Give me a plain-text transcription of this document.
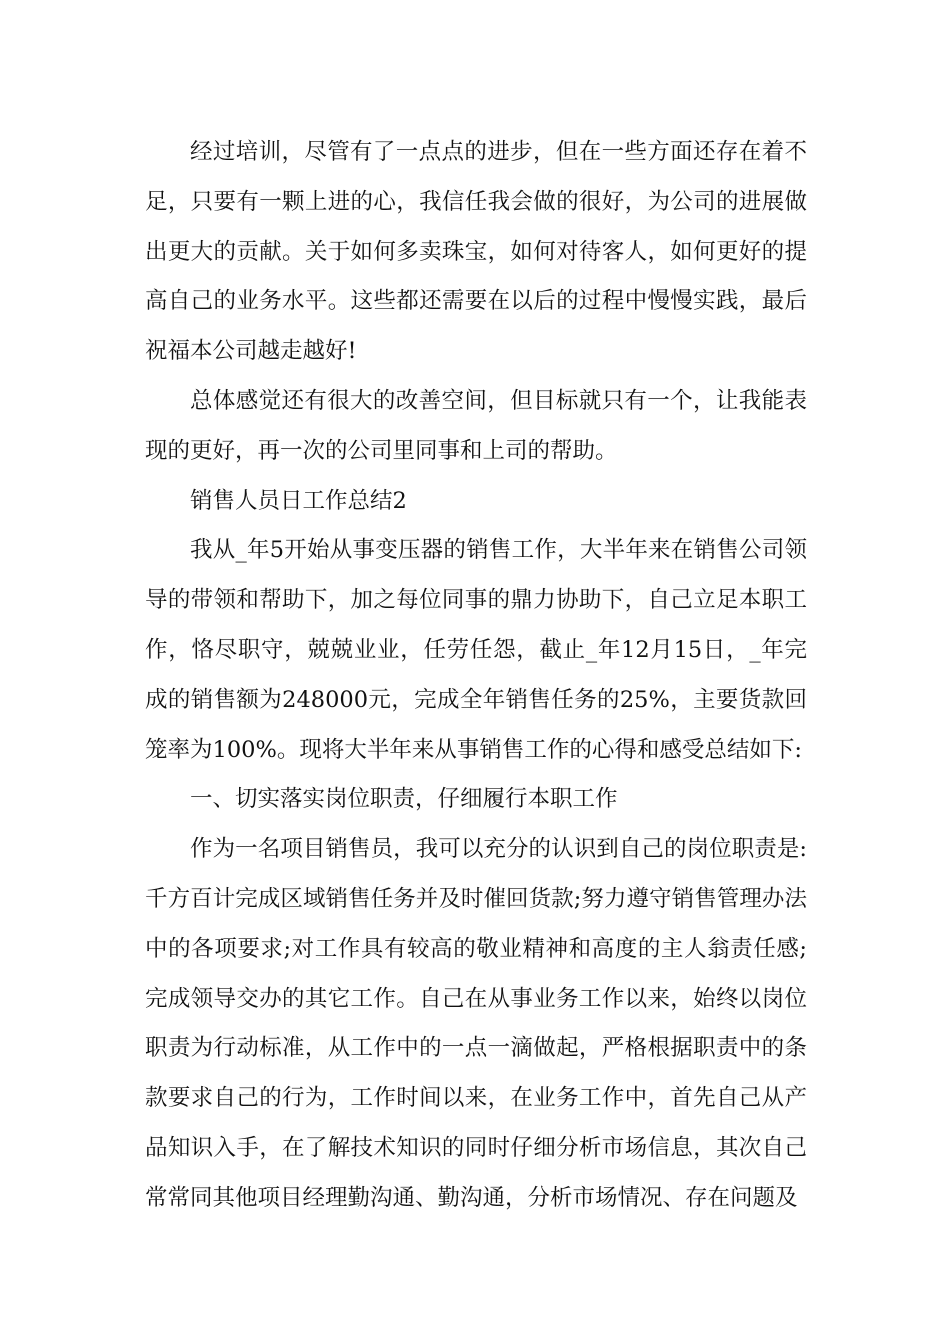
经过培训，尽管有了一点点的进步，但在一些方面还存在着不足，只要有一颗上进的心，我信任我会做的很好，为公司的进展做出更大的贡献。关于如何多卖珠宝，如何对待客人，如何更好的提高自己的业务水平。这些都还需要在以后的过程中慢慢实践，最后祝福本公司越走越好!

总体感觉还有很大的改善空间，但目标就只有一个，让我能表现的更好，再一次的公司里同事和上司的帮助。

销售人员日工作总结2

我从_年5开始从事变压器的销售工作，大半年来在销售公司领导的带领和帮助下，加之每位同事的鼎力协助下，自己立足本职工作，恪尽职守，兢兢业业，任劳任怨，截止_年12月15日，_年完成的销售额为248000元，完成全年销售任务的25%，主要货款回笼率为100%。现将大半年来从事销售工作的心得和感受总结如下:

一、切实落实岗位职责，仔细履行本职工作

作为一名项目销售员，我可以充分的认识到自己的岗位职责是:千方百计完成区域销售任务并及时催回货款;努力遵守销售管理办法中的各项要求;对工作具有较高的敬业精神和高度的主人翁责任感;完成领导交办的其它工作。自己在从事业务工作以来，始终以岗位职责为行动标准，从工作中的一点一滴做起，严格根据职责中的条款要求自己的行为，工作时间以来，在业务工作中，首先自己从产品知识入手，在了解技术知识的同时仔细分析市场信息，其次自己常常同其他项目经理勤沟通、勤沟通，分析市场情况、存在问题及
